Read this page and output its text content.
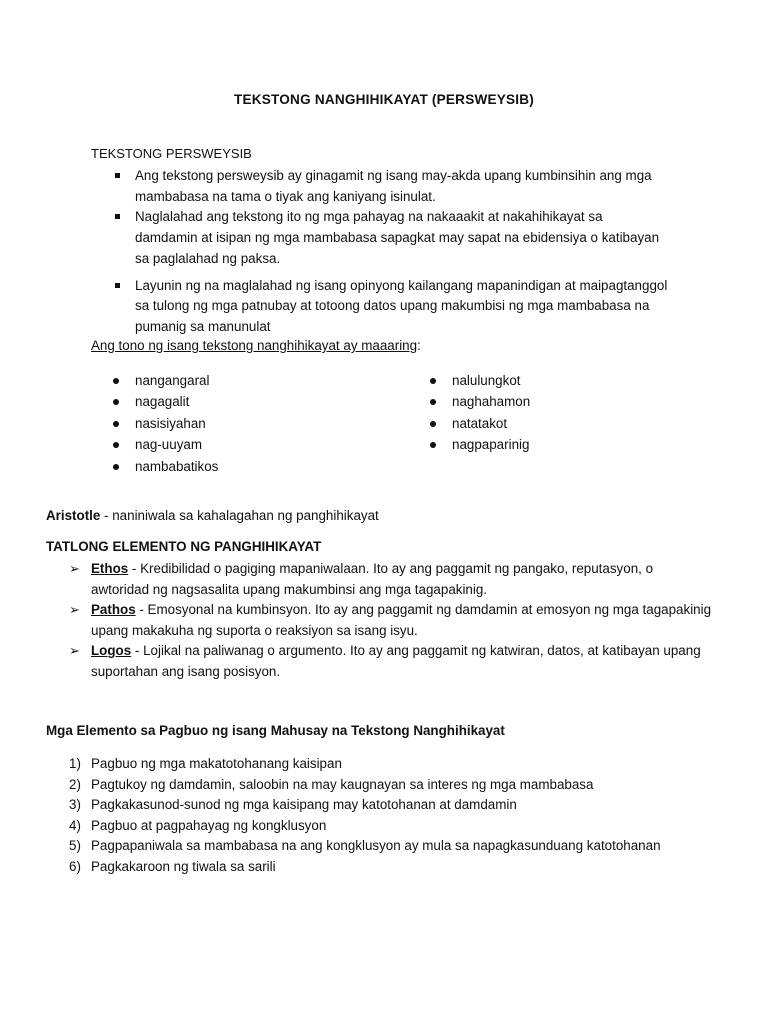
TEKSTONG NANGHIHIKAYAT (PERSWEYSIB)
TEKSTONG PERSWEYSIB
Ang tekstong persweysib ay ginagamit ng isang may-akda upang kumbinsihin ang mga
mambabasa na tama o tiyak ang kaniyang isinulat.
Naglalahad ang tekstong ito ng mga pahayag na nakaaakit at nakahihikayat sa
damdamin at isipan ng mga mambabasa sapagkat may sapat na ebidensiya o katibayan
sa paglalahad ng paksa.
Layunin ng na maglalahad ng isang opinyong kailangang mapanindigan at maipagtanggol
sa tulong ng mga patnubay at totoong datos upang makumbisi ng mga mambabasa na
pumanig sa manunulat
Ang tono ng isang tekstong nanghihikayat ay maaaring:
nangangaral
nagagalit
nasisiyahan
nag-uuyam
nambabatikos
nalulungkot
naghahamon
natatakot
nagpaparinig
Aristotle - naniniwala sa kahalagahan ng panghihikayat
TATLONG ELEMENTO NG PANGHIHIKAYAT
➢ Ethos - Kredibilidad o pagiging mapaniwalaan. Ito ay ang paggamit ng pangako, reputasyon, o
awtoridad ng nagsasalita upang makumbinsi ang mga tagapakinig.
➢ Pathos - Emosyonal na kumbinsyon. Ito ay ang paggamit ng damdamin at emosyon ng mga tagapakinig
upang makakuha ng suporta o reaksiyon sa isang isyu.
➢ Logos - Lojikal na paliwanag o argumento. Ito ay ang paggamit ng katwiran, datos, at katibayan upang
suportahan ang isang posisyon.
Mga Elemento sa Pagbuo ng isang Mahusay na Tekstong Nanghihikayat
1) Pagbuo ng mga makatotohanang kaisipan
2) Pagtukoy ng damdamin, saloobin na may kaugnayan sa interes ng mga mambabasa
3) Pagkakasunod-sunod ng mga kaisipang may katotohanan at damdamin
4) Pagbuo at pagpahayag ng kongklusyon
5) Pagpapaniwala sa mambabasa na ang kongklusyon ay mula sa napagkasunduang katotohanan
6) Pagkakaroon ng tiwala sa sarili
